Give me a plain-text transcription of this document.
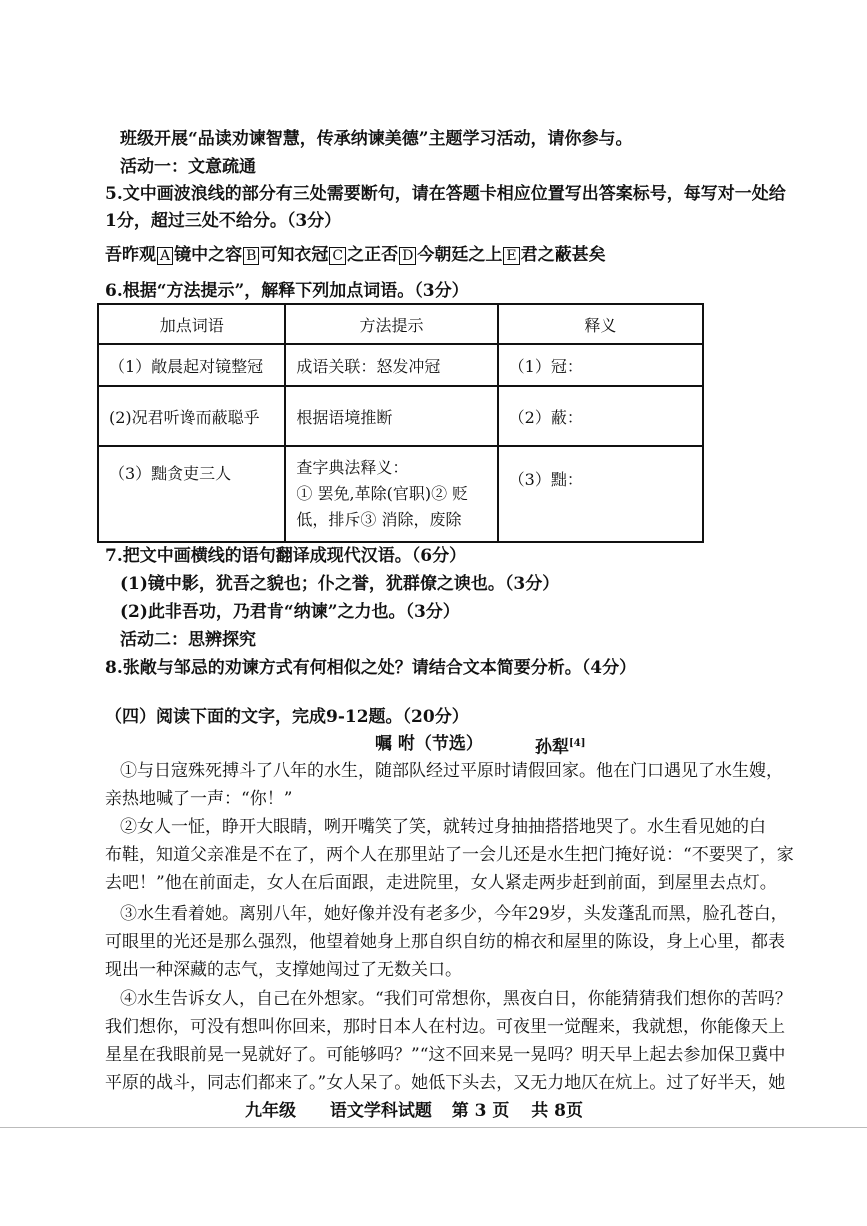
班级开展“品读劝谏智慧，传承纳谏美德”主题学习活动，请你参与。
活动一：文意疏通
5.文中画波浪线的部分有三处需要断句，请在答题卡相应位置写出答案标号，每写对一处给
1分，超过三处不给分。（3分）
吾昨观 A 镜中之容 B 可知衣冠 C 之正否 D 今朝廷之上 E 君之蔽甚矣
6.根据“方法提示”，解释下列加点词语。（3分）
加点词语	方法提示	释义
（1）敞晨起对镜整冠	成语关联：怒发冲冠	（1）冠：
(2)况君听谗而蔽聪乎	根据语境推断	（2）蔽：
（3）黜贪吏三人	查字典法释义：
① 罢免,革除(官职)② 贬
低，排斥③ 消除，废除	（3）黜：
7.把文中画横线的语句翻译成现代汉语。（6分）
(1)镜中影，犹吾之貌也；仆之誉，犹群僚之谀也。（3分）
(2)此非吾功，乃君肯“纳谏”之力也。（3分）
活动二：思辨探究
8.张敞与邹忌的劝谏方式有何相似之处？请结合文本简要分析。（4分）
（四）阅读下面的文字，完成9-12题。（20分）
嘱 咐（节选）	孙犁[4]
①与日寇殊死搏斗了八年的水生，随部队经过平原时请假回家。他在门口遇见了水生嫂，
亲热地喊了一声：“你！”
②女人一怔，睁开大眼睛，咧开嘴笑了笑，就转过身抽抽搭搭地哭了。水生看见她的白
布鞋，知道父亲准是不在了，两个人在那里站了一会儿还是水生把门掩好说：“不要哭了，家
去吧！”他在前面走，女人在后面跟，走进院里，女人紧走两步赶到前面，到屋里去点灯。
③水生看着她。离别八年，她好像并没有老多少，今年29岁，头发蓬乱而黑，脸孔苍白，
可眼里的光还是那么强烈，他望着她身上那自织自纺的棉衣和屋里的陈设，身上心里，都表
现出一种深藏的志气，支撑她闯过了无数关口。
④水生告诉女人，自己在外想家。“我们可常想你，黑夜白日，你能猜猜我们想你的苦吗？
我们想你，可没有想叫你回来，那时日本人在村边。可夜里一觉醒来，我就想，你能像天上
星星在我眼前晃一晃就好了。可能够吗？”“这不回来晃一晃吗？明天早上起去参加保卫冀中
平原的战斗，同志们都来了。”女人呆了。她低下头去，又无力地仄在炕上。过了好半天，她
九年级 语文学科试题 第 3 页 共 8页
